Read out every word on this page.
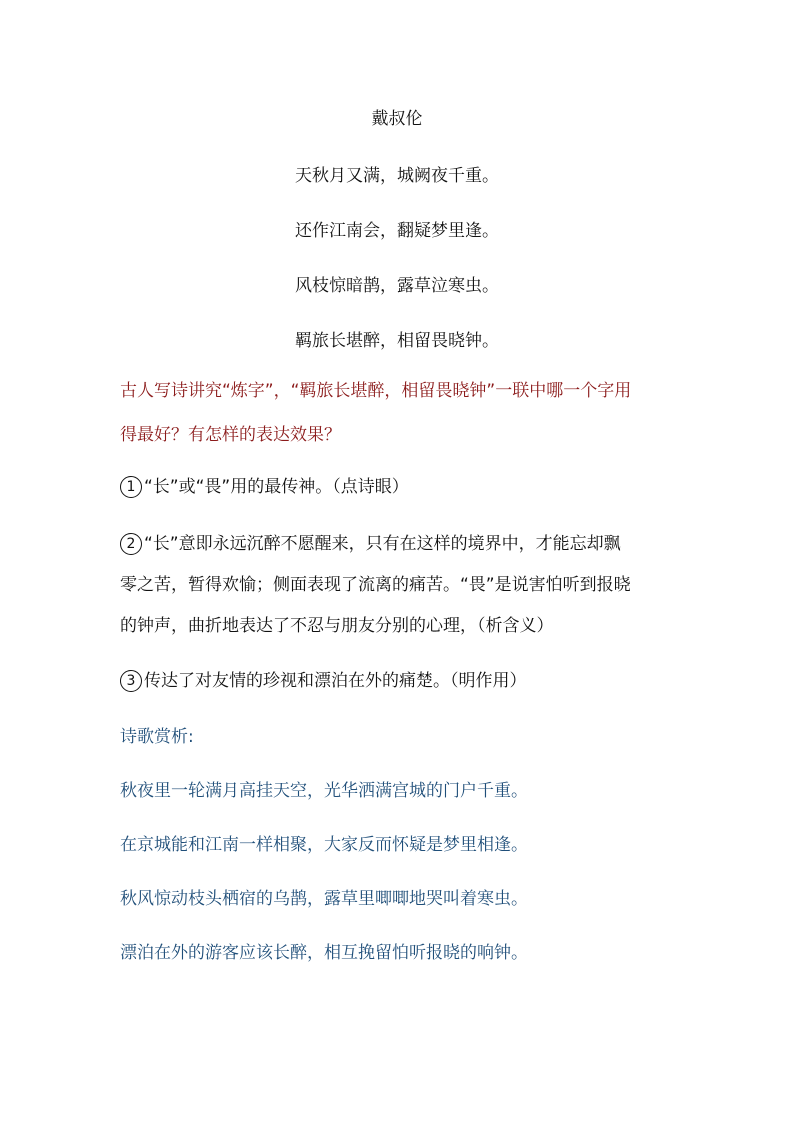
戴叔伦
天秋月又满，城阙夜千重。
还作江南会，翻疑梦里逢。
风枝惊暗鹊，露草泣寒虫。
羁旅长堪醉，相留畏晓钟。
古人写诗讲究“炼字”，“羁旅长堪醉，相留畏晓钟”一联中哪一个字用
得最好？有怎样的表达效果？
1 “长”或“畏”用的最传神。（点诗眼）
2 “长”意即永远沉醉不愿醒来，只有在这样的境界中，才能忘却飘
零之苦，暂得欢愉；侧面表现了流离的痛苦。“畏”是说害怕听到报晓
的钟声，曲折地表达了不忍与朋友分别的心理，（析含义）
3 传达了对友情的珍视和漂泊在外的痛楚。（明作用）
诗歌赏析:
秋夜里一轮满月高挂天空，光华洒满宫城的门户千重。
在京城能和江南一样相聚，大家反而怀疑是梦里相逢。
秋风惊动枝头栖宿的乌鹊，露草里唧唧地哭叫着寒虫。
漂泊在外的游客应该长醉，相互挽留怕听报晓的响钟。
